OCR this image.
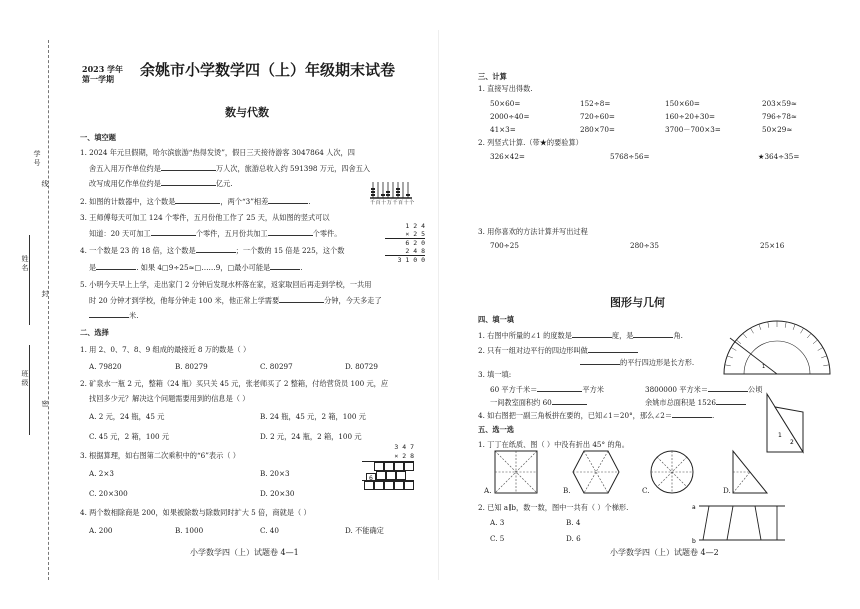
学号
线
姓名
封
班级
密
2023 学年
第一学期 余姚市小学数学四（上）年级期末试卷
数与代数
一、填空题
1. 2024 年元旦假期，哈尔滨旅游“热得发烫”，假日三天接待游客 3047864 人次，四
舍五入用万作单位约是	万人次，旅游总收入约 591398 万元，四舍五入
改写成用亿作单位约是	亿元.
2. 如图的计数器中，这个数是	，两个“3”相差	.	千百十万千百十个
3. 王师傅每天可加工 124 个零件，五月份他工作了 25 天，从如图的竖式可以
知道：20 天可加工	个零件，五月份共加工	个零件。
1 2 4
× 2 5
6 2 0
2 4 8
3 1 0 0
4. 一个数是 23 的 18 倍，这个数是	；一个数的 15 倍是 225，这个数
是	. 如果 4□9÷25≈□……9，□最小可能是	.
5. 小明今天早上上学，走出家门 2 分钟后发现水杯落在家，返家取回后再走到学校，一共用
时 20 分钟才到学校，他每分钟走 100 米，他正常上学需要	分钟，今天多走了
米.
二、选择
1. 用 2、0、7、8、9 组成的最接近 8 万的数是（ ）
A. 79820	B. 80279	C. 80297	D. 80729
2. 矿泉水一瓶 2 元，整箱（24 瓶）买只关 45 元，张老师买了 2 整箱，付给营货员 100 元，应
找回多少元？解决这个问题需要用到的信息是（ ）
A. 2 元，24 瓶，45 元	B. 24 瓶，45 元，2 箱，100 元
C. 45 元，2 箱，100 元	D. 2 元，24 瓶，2 箱，100 元
3. 根据算理，如右图第二次乘积中的“6”表示（ ）
A. 2×3	B. 20×3
C. 20×300	D. 20×30
3 4 7
× 2 8
6
4. 两个数相除商是 200，如果被除数与除数同时扩大 5 倍，商就是（ ）
A. 200	B. 1000	C. 40	D. 不能确定
小学数学四（上）试题卷 4—1
三、计算
1. 直接写出得数.
50×60=	152÷8=	150×60=	203×59≈
2000÷40=	720÷60=	160÷20+30=	796÷78≈
41×3=	280×70=	3700－700×3=	50×29≈
2. 列竖式计算.（带★的要验算）
326×42=	5768÷56=	★364÷35=
3. 用你喜欢的方法计算并写出过程
700÷25	280÷35	25×16
图形与几何
四、填一填
1. 右图中所量的∠1 的度数是	度，是	角.
2. 只有一组对边平行的四边形叫做
的平行四边形是长方形.	1
3. 填一填:
60 平方千米＝	平方米	3800000 平方米＝	公顷
一间教室面积约 60	余姚市总面积是 1526
4. 如右图把一副三角板拼在要的，已知∠1＝20°，那么∠2＝	.
1
2
五、选一选
1. 丁丁在纸质、图（ ）中没有折出 45° 的角。
A.	B.	C.	D.
2. 已知 a∥b，数一数，图中一共有（ ）个梯形.	a
b
A. 3	B. 4
C. 5	D. 6
小学数学四（上）试题卷 4—2
